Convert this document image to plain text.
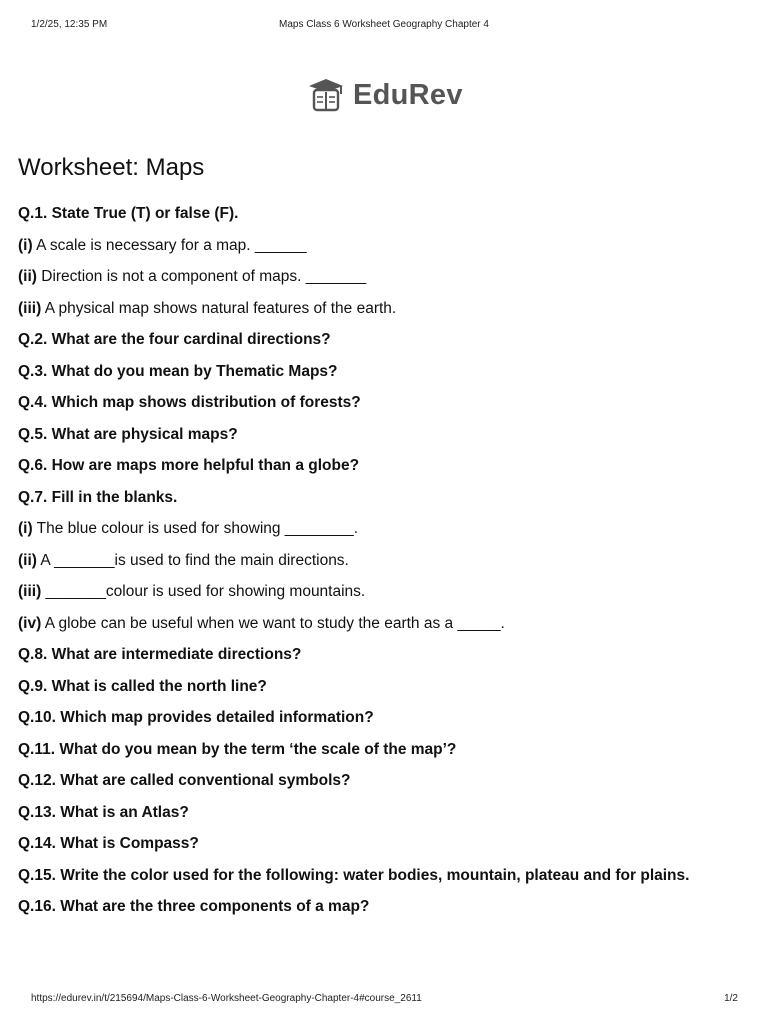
1/2/25, 12:35 PM	Maps Class 6 Worksheet Geography Chapter 4
EduRev
Worksheet: Maps
Q.1. State True (T) or false (F).
(i) A scale is necessary for a map. ______
(ii) Direction is not a component of maps. _______
(iii) A physical map shows natural features of the earth.
Q.2. What are the four cardinal directions?
Q.3. What do you mean by Thematic Maps?
Q.4. Which map shows distribution of forests?
Q.5. What are physical maps?
Q.6. How are maps more helpful than a globe?
Q.7. Fill in the blanks.
(i) The blue colour is used for showing ________.
(ii) A _______is used to find the main directions.
(iii) _______colour is used for showing mountains.
(iv) A globe can be useful when we want to study the earth as a _____.
Q.8. What are intermediate directions?
Q.9. What is called the north line?
Q.10. Which map provides detailed information?
Q.11. What do you mean by the term ‘the scale of the map’?
Q.12. What are called conventional symbols?
Q.13. What is an Atlas?
Q.14. What is Compass?
Q.15. Write the color used for the following: water bodies, mountain, plateau and for plains.
Q.16. What are the three components of a map?
https://edurev.in/t/215694/Maps-Class-6-Worksheet-Geography-Chapter-4#course_2611	1/2
